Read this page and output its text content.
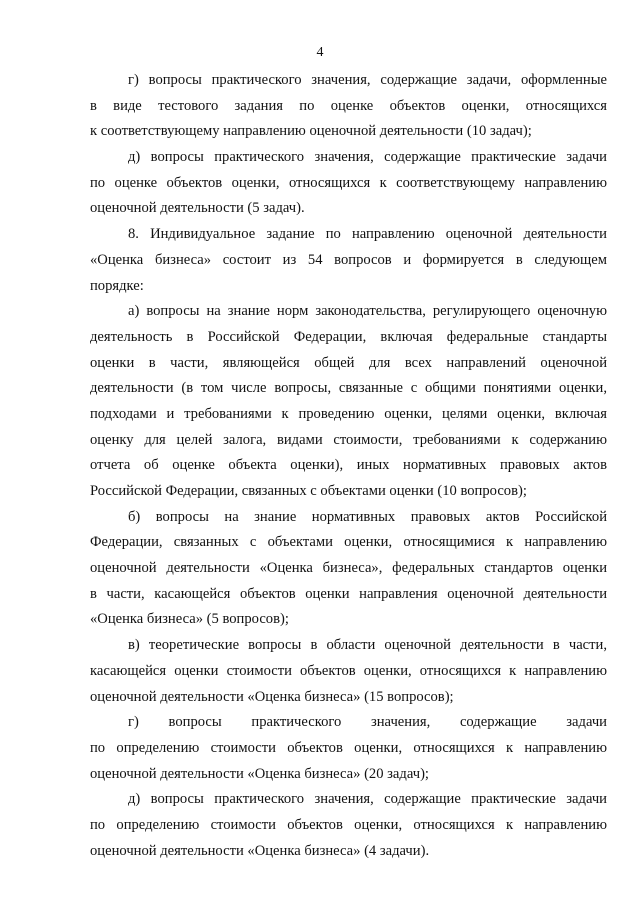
4
г) вопросы практического значения, содержащие задачи, оформленные
в виде тестового задания по оценке объектов оценки, относящихся
к соответствующему направлению оценочной деятельности (10 задач);
д) вопросы практического значения, содержащие практические задачи
по оценке объектов оценки, относящихся к соответствующему направлению
оценочной деятельности (5 задач).
8. Индивидуальное задание по направлению оценочной деятельности
«Оценка бизнеса» состоит из 54 вопросов и формируется в следующем
порядке:
а) вопросы на знание норм законодательства, регулирующего оценочную
деятельность в Российской Федерации, включая федеральные стандарты
оценки в части, являющейся общей для всех направлений оценочной
деятельности (в том числе вопросы, связанные с общими понятиями оценки,
подходами и требованиями к проведению оценки, целями оценки, включая
оценку для целей залога, видами стоимости, требованиями к содержанию
отчета об оценке объекта оценки), иных нормативных правовых актов
Российской Федерации, связанных с объектами оценки (10 вопросов);
б) вопросы на знание нормативных правовых актов Российской
Федерации, связанных с объектами оценки, относящимися к направлению
оценочной деятельности «Оценка бизнеса», федеральных стандартов оценки
в части, касающейся объектов оценки направления оценочной деятельности
«Оценка бизнеса» (5 вопросов);
в) теоретические вопросы в области оценочной деятельности в части,
касающейся оценки стоимости объектов оценки, относящихся к направлению
оценочной деятельности «Оценка бизнеса» (15 вопросов);
г) вопросы практического значения, содержащие задачи
по определению стоимости объектов оценки, относящихся к направлению
оценочной деятельности «Оценка бизнеса» (20 задач);
д) вопросы практического значения, содержащие практические задачи
по определению стоимости объектов оценки, относящихся к направлению
оценочной деятельности «Оценка бизнеса» (4 задачи).
